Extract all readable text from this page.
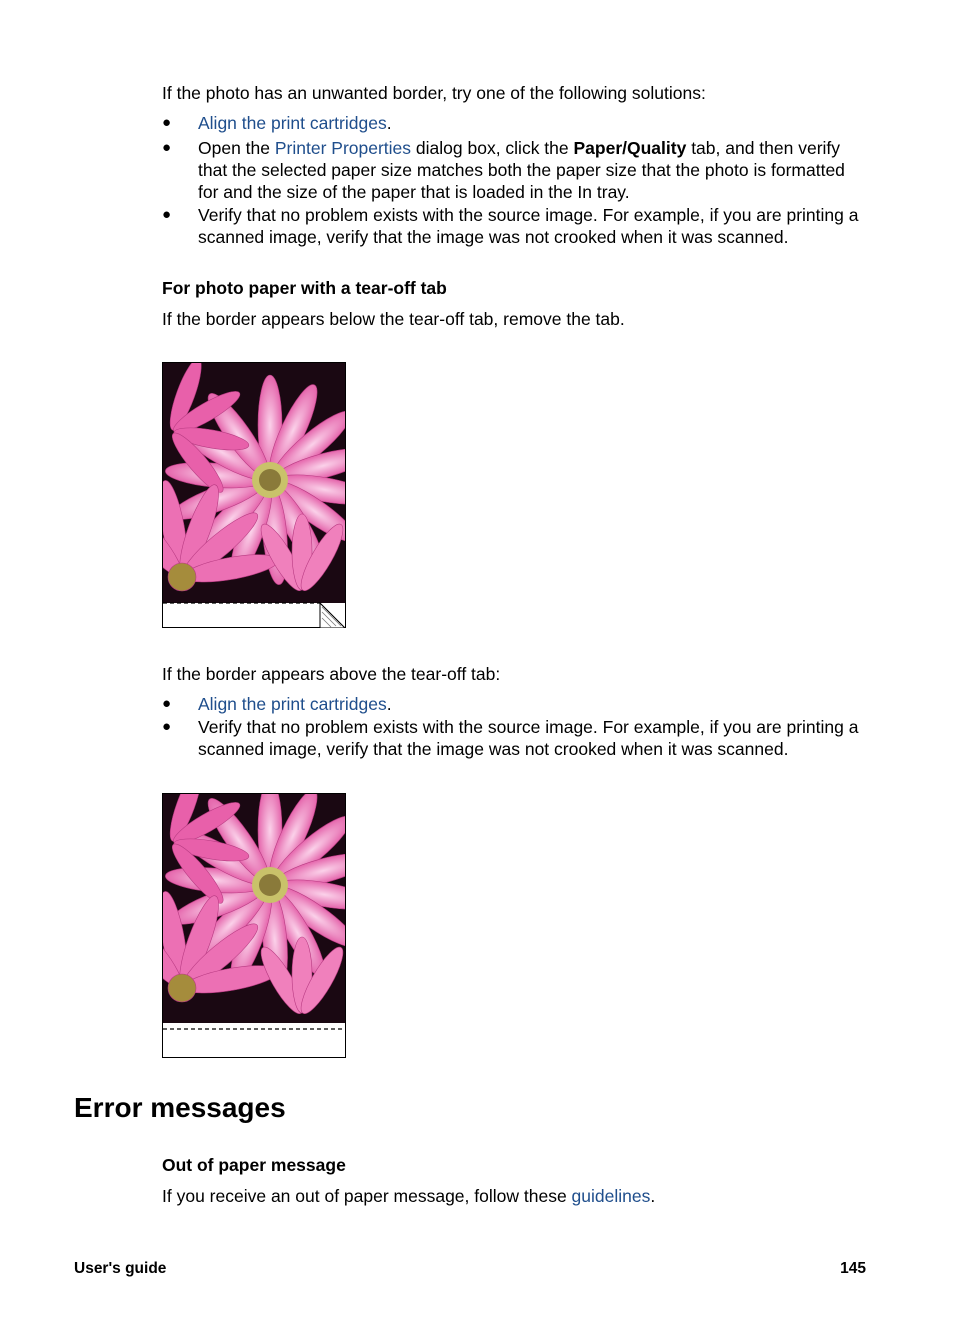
If the photo has an unwanted border, try one of the following solutions:

● Align the print cartridges.
● Open the Printer Properties dialog box, click the Paper/Quality tab, and then verify that the selected paper size matches both the paper size that the photo is formatted for and the size of the paper that is loaded in the In tray.
● Verify that no problem exists with the source image. For example, if you are printing a scanned image, verify that the image was not crooked when it was scanned.
For photo paper with a tear-off tab

If the border appears below the tear-off tab, remove the tab.

If the border appears above the tear-off tab:

● Align the print cartridges.
● Verify that no problem exists with the source image. For example, if you are printing a scanned image, verify that the image was not crooked when it was scanned.
Error messages
Out of paper message

If you receive an out of paper message, follow these guidelines.

User's guide	145
